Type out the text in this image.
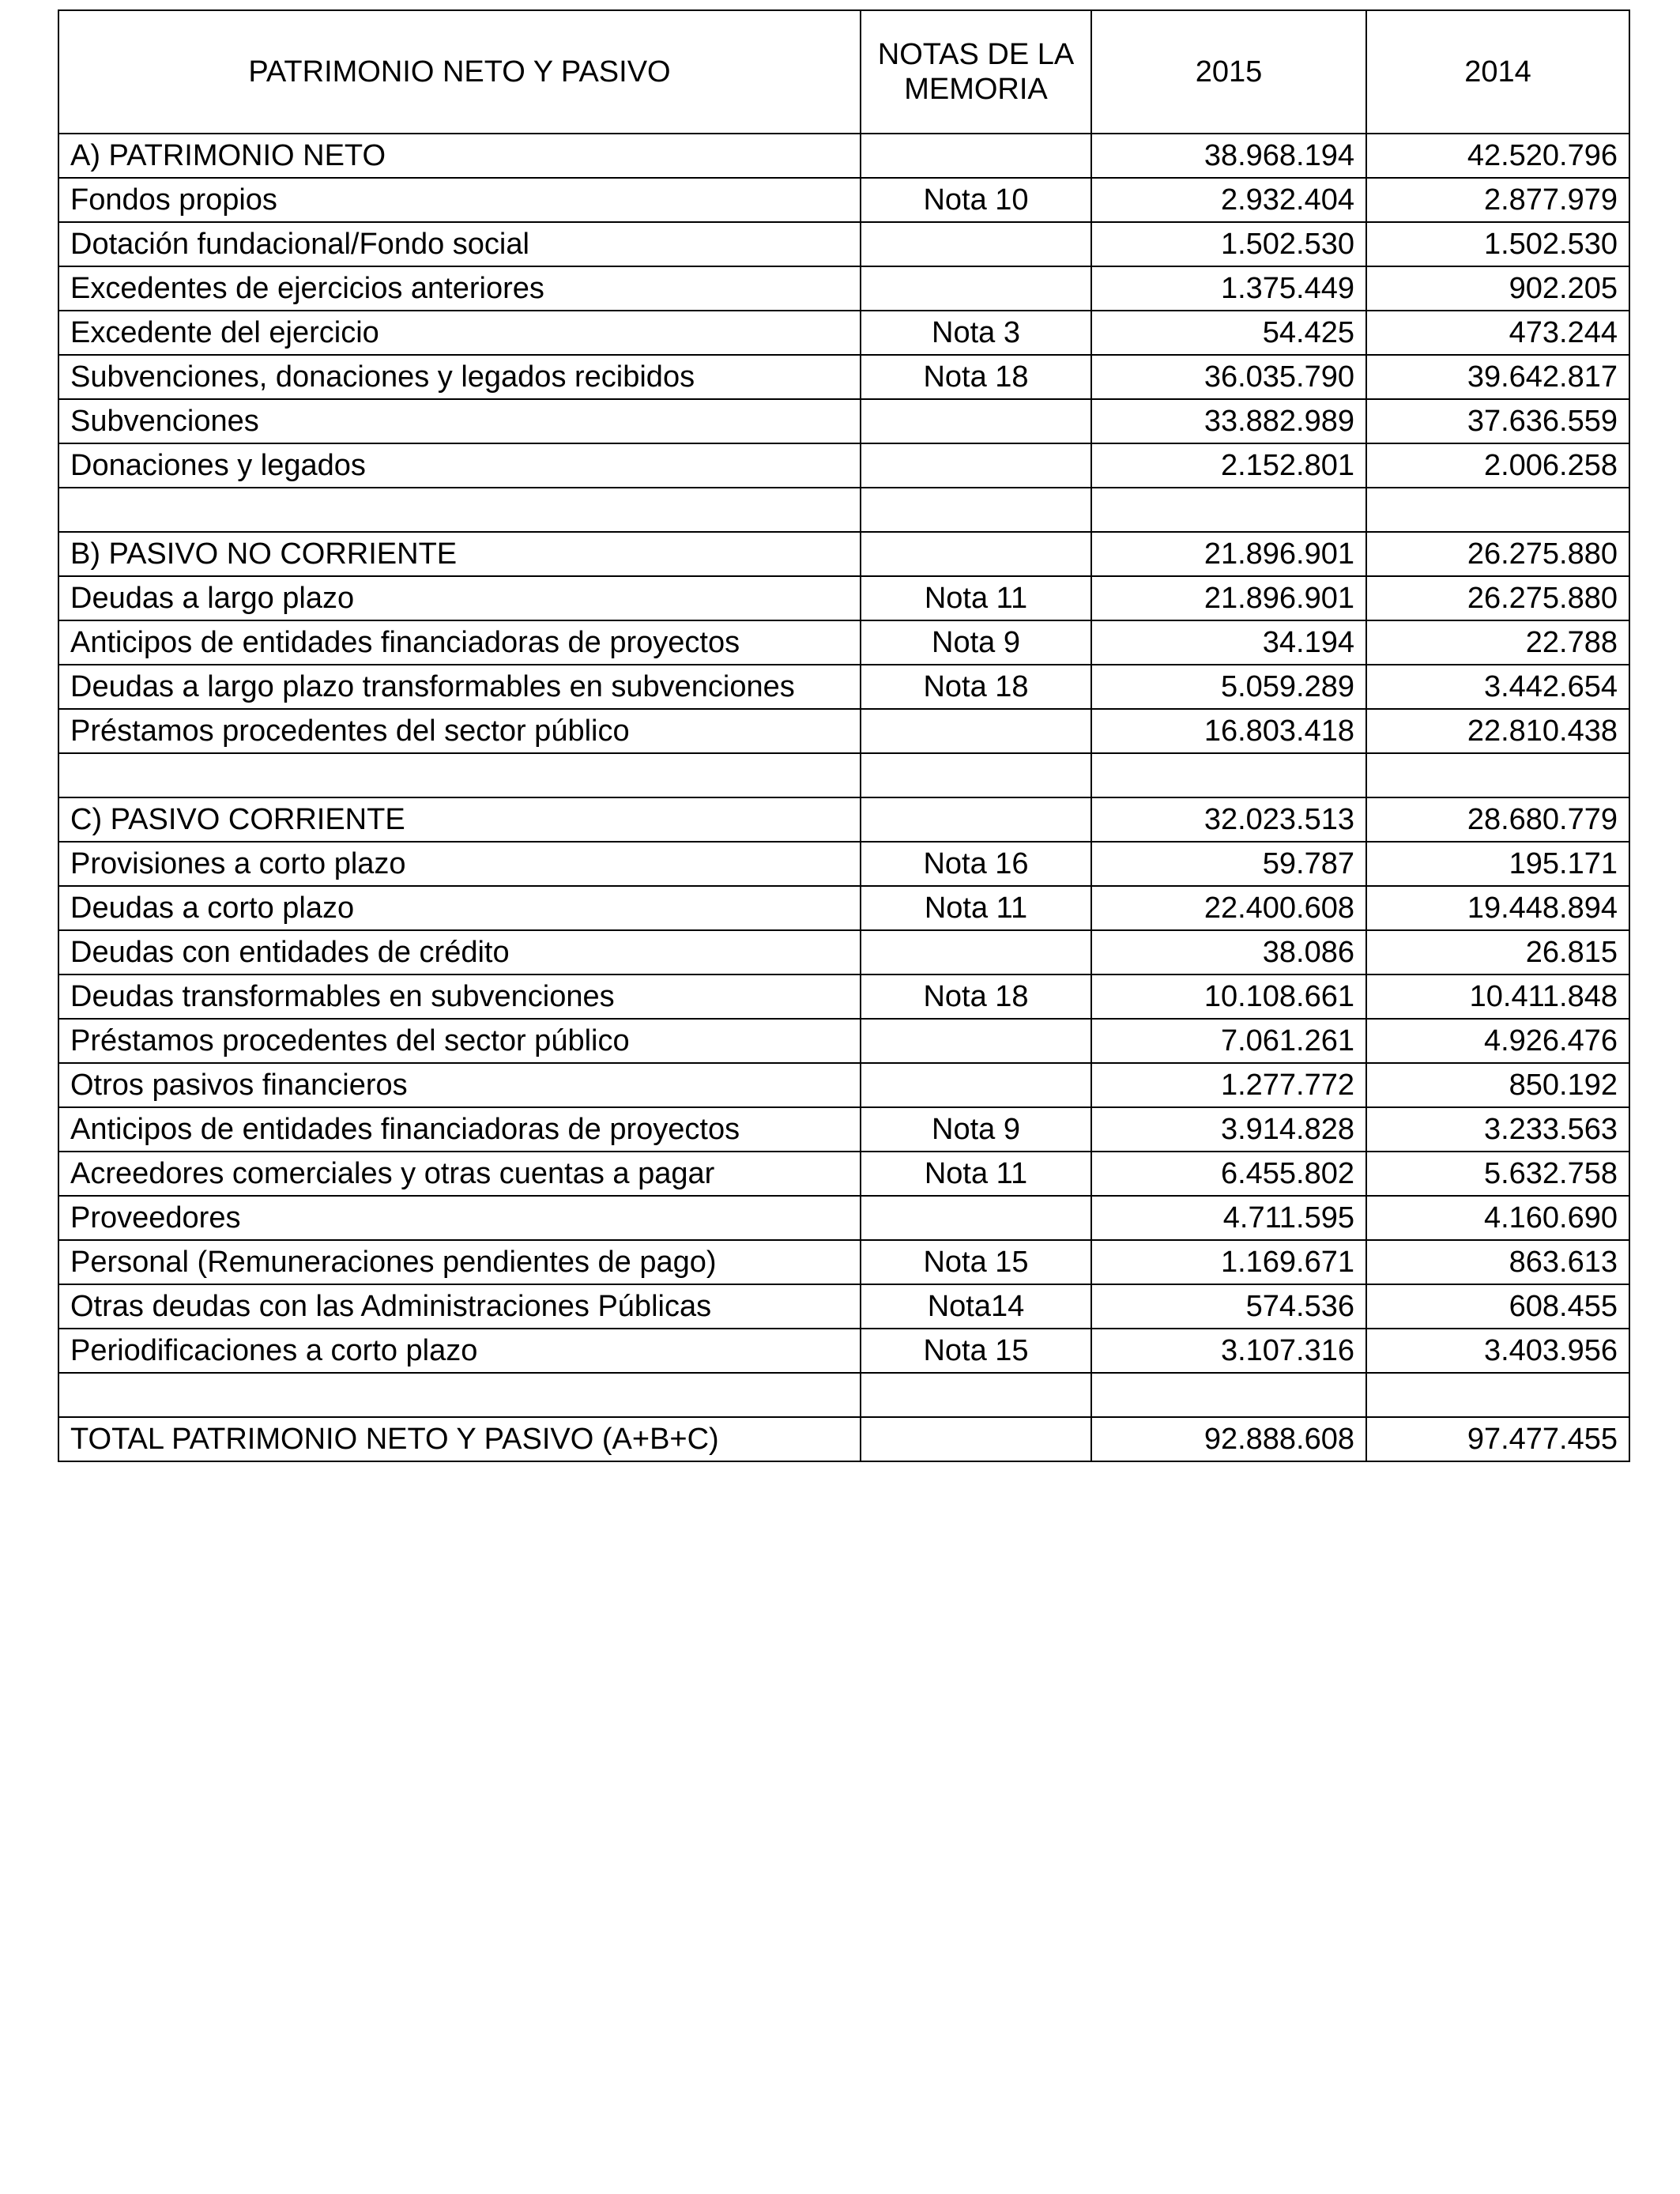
PATRIMONIO NETO Y PASIVO	NOTAS DE LA MEMORIA	2015	2014
A) PATRIMONIO NETO		38.968.194	42.520.796
Fondos propios	Nota 10	2.932.404	2.877.979
Dotación fundacional/Fondo social		1.502.530	1.502.530
Excedentes de ejercicios anteriores		1.375.449	902.205
Excedente del ejercicio	Nota 3	54.425	473.244
Subvenciones, donaciones y legados recibidos	Nota 18	36.035.790	39.642.817
Subvenciones		33.882.989	37.636.559
Donaciones y legados		2.152.801	2.006.258

B) PASIVO NO CORRIENTE		21.896.901	26.275.880
Deudas a largo plazo	Nota 11	21.896.901	26.275.880
Anticipos de entidades financiadoras de proyectos	Nota 9	34.194	22.788
Deudas a largo plazo transformables en subvenciones	Nota 18	5.059.289	3.442.654
Préstamos procedentes del sector público		16.803.418	22.810.438

C) PASIVO CORRIENTE		32.023.513	28.680.779
Provisiones a corto plazo	Nota 16	59.787	195.171
Deudas a corto plazo	Nota 11	22.400.608	19.448.894
Deudas con entidades de crédito		38.086	26.815
Deudas transformables en subvenciones	Nota 18	10.108.661	10.411.848
Préstamos procedentes del sector público		7.061.261	4.926.476
Otros pasivos financieros		1.277.772	850.192
Anticipos de entidades financiadoras de proyectos	Nota 9	3.914.828	3.233.563
Acreedores comerciales y otras cuentas a pagar	Nota 11	6.455.802	5.632.758
Proveedores		4.711.595	4.160.690
Personal (Remuneraciones pendientes de pago)	Nota 15	1.169.671	863.613
Otras deudas con las Administraciones Públicas	Nota14	574.536	608.455
Periodificaciones a corto plazo	Nota 15	3.107.316	3.403.956

TOTAL PATRIMONIO NETO Y PASIVO (A+B+C)		92.888.608	97.477.455
